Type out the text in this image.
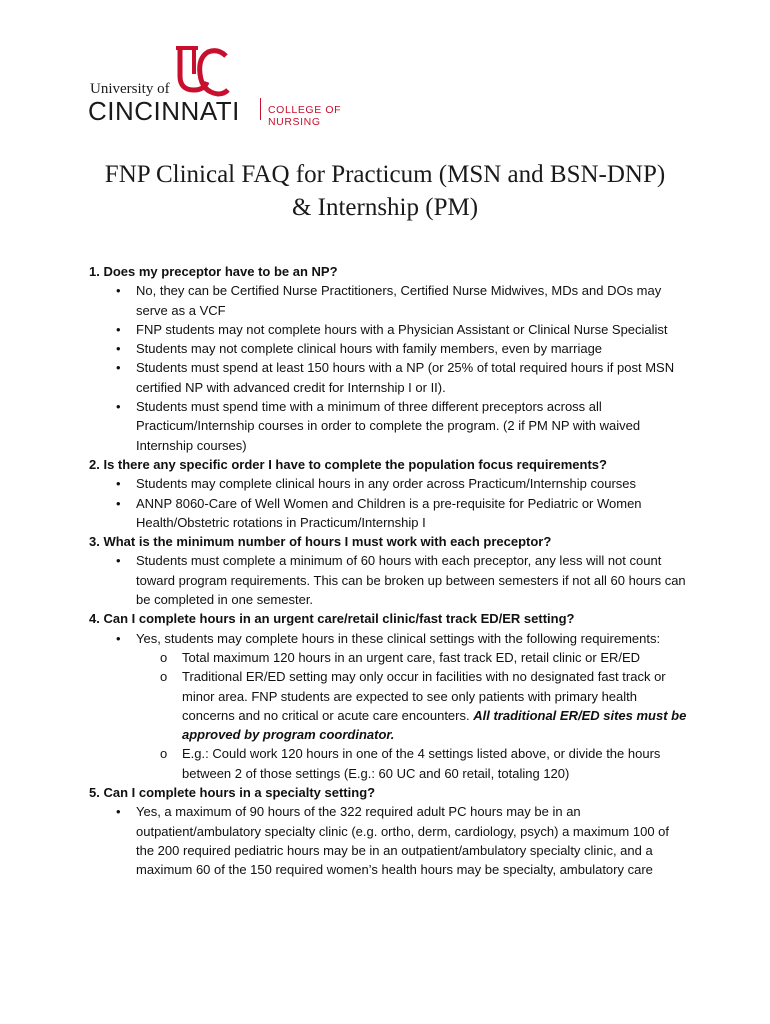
University of
CINCINNATI	COLLEGE OF NURSING
FNP Clinical FAQ for Practicum (MSN and BSN-DNP)
& Internship (PM)

1. Does my preceptor have to be an NP?

• No, they can be Certified Nurse Practitioners, Certified Nurse Midwives, MDs and DOs may serve as a VCF
• FNP students may not complete hours with a Physician Assistant or Clinical Nurse Specialist
• Students may not complete clinical hours with family members, even by marriage
• Students must spend at least 150 hours with a NP (or 25% of total required hours if post MSN certified NP with advanced credit for Internship I or II).
• Students must spend time with a minimum of three different preceptors across all Practicum/Internship courses in order to complete the program. (2 if PM NP with waived Internship courses)

2. Is there any specific order I have to complete the population focus requirements?

• Students may complete clinical hours in any order across Practicum/Internship courses
• ANNP 8060-Care of Well Women and Children is a pre-requisite for Pediatric or Women Health/Obstetric rotations in Practicum/Internship I

3. What is the minimum number of hours I must work with each preceptor?

• Students must complete a minimum of 60 hours with each preceptor, any less will not count toward program requirements. This can be broken up between semesters if not all 60 hours can be completed in one semester.

4. Can I complete hours in an urgent care/retail clinic/fast track ED/ER setting?

• Yes, students may complete hours in these clinical settings with the following requirements:
o Total maximum 120 hours in an urgent care, fast track ED, retail clinic or ER/ED
o Traditional ER/ED setting may only occur in facilities with no designated fast track or minor area. FNP students are expected to see only patients with primary health concerns and no critical or acute care encounters. All traditional ER/ED sites must be approved by program coordinator.
o E.g.: Could work 120 hours in one of the 4 settings listed above, or divide the hours between 2 of those settings (E.g.: 60 UC and 60 retail, totaling 120)

5. Can I complete hours in a specialty setting?

• Yes, a maximum of 90 hours of the 322 required adult PC hours may be in an outpatient/ambulatory specialty clinic (e.g. ortho, derm, cardiology, psych) a maximum 100 of the 200 required pediatric hours may be in an outpatient/ambulatory specialty clinic, and a maximum 60 of the 150 required women’s health hours may be specialty, ambulatory care
